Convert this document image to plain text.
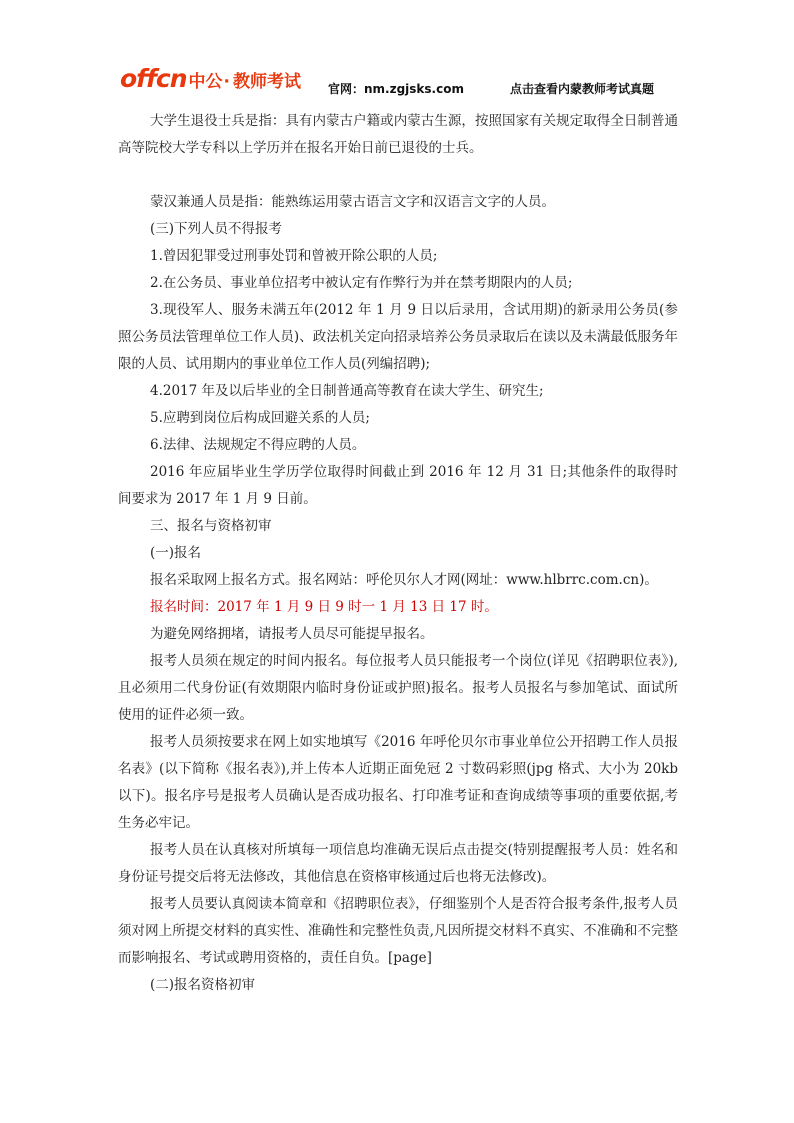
offcn 中公 · 教师考试 官网：nm.zgjsks.com	点击查看内蒙教师考试真题

大学生退役士兵是指：具有内蒙古户籍或内蒙古生源，按照国家有关规定取得全日制普通高等院校大学专科以上学历并在报名开始日前已退役的士兵。

蒙汉兼通人员是指：能熟练运用蒙古语言文字和汉语言文字的人员。

(三)下列人员不得报考

1.曾因犯罪受过刑事处罚和曾被开除公职的人员;

2.在公务员、事业单位招考中被认定有作弊行为并在禁考期限内的人员;

3.现役军人、服务未满五年(2012 年 1 月 9 日以后录用，含试用期)的新录用公务员(参照公务员法管理单位工作人员)、政法机关定向招录培养公务员录取后在读以及未满最低服务年限的人员、试用期内的事业单位工作人员(列编招聘);

4.2017 年及以后毕业的全日制普通高等教育在读大学生、研究生;

5.应聘到岗位后构成回避关系的人员;

6.法律、法规规定不得应聘的人员。

2016 年应届毕业生学历学位取得时间截止到 2016 年 12 月 31 日;其他条件的取得时间要求为 2017 年 1 月 9 日前。

三、报名与资格初审

(一)报名

报名采取网上报名方式。报名网站：呼伦贝尔人才网(网址：www.hlbrrc.com.cn)。

报名时间：2017 年 1 月 9 日 9 时一 1 月 13 日 17 时。

为避免网络拥堵，请报考人员尽可能提早报名。

报考人员须在规定的时间内报名。每位报考人员只能报考一个岗位(详见《招聘职位表》),且必须用二代身份证(有效期限内临时身份证或护照)报名。报考人员报名与参加笔试、面试所使用的证件必须一致。

报考人员须按要求在网上如实地填写《2016 年呼伦贝尔市事业单位公开招聘工作人员报名表》(以下简称《报名表》),并上传本人近期正面免冠 2 寸数码彩照(jpg 格式、大小为 20kb 以下)。报名序号是报考人员确认是否成功报名、打印准考证和查询成绩等事项的重要依据,考生务必牢记。

报考人员在认真核对所填每一项信息均准确无误后点击提交(特别提醒报考人员：姓名和身份证号提交后将无法修改，其他信息在资格审核通过后也将无法修改)。

报考人员要认真阅读本简章和《招聘职位表》，仔细鉴别个人是否符合报考条件,报考人员须对网上所提交材料的真实性、准确性和完整性负责,凡因所提交材料不真实、不准确和不完整而影响报名、考试或聘用资格的，责任自负。[page]

(二)报名资格初审
